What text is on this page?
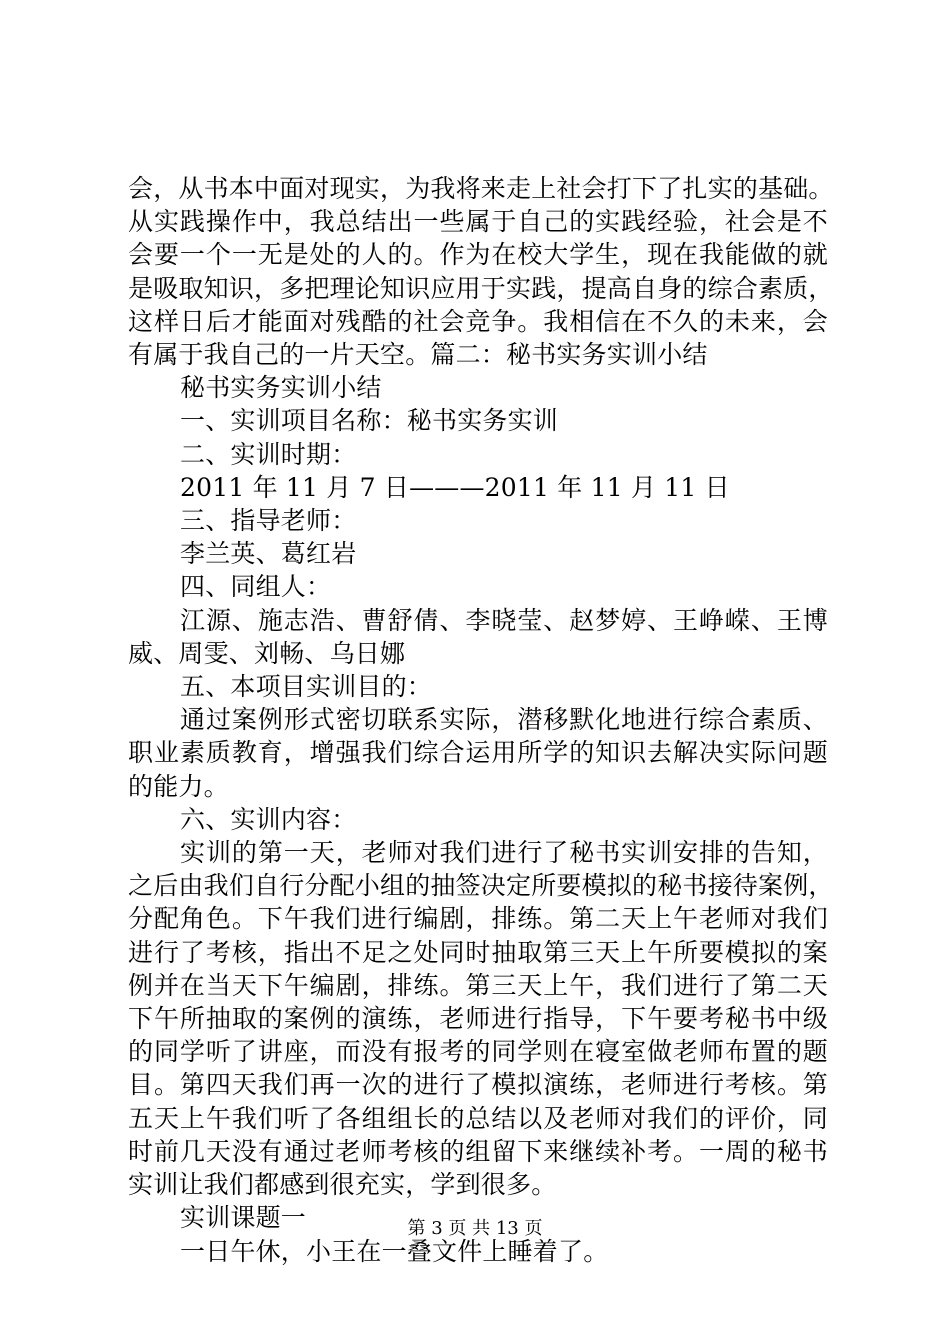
会，从书本中面对现实，为我将来走上社会打下了扎实的基础。

从实践操作中，我总结出一些属于自己的实践经验，社会是不

会要一个一无是处的人的。作为在校大学生，现在我能做的就

是吸取知识，多把理论知识应用于实践，提高自身的综合素质，

这样日后才能面对残酷的社会竞争。我相信在不久的未来，会

有属于我自己的一片天空。篇二：秘书实务实训小结

秘书实务实训小结

一、实训项目名称：秘书实务实训

二、实训时期：

2011 年 11 月 7 日———2011 年 11 月 11 日

三、指导老师：

李兰英、葛红岩

四、同组人：

江源、施志浩、曹舒倩、李晓莹、赵梦婷、王峥嵘、王博

威、周雯、刘畅、乌日娜

五、本项目实训目的：

通过案例形式密切联系实际，潜移默化地进行综合素质、

职业素质教育，增强我们综合运用所学的知识去解决实际问题

的能力。

六、实训内容：

实训的第一天，老师对我们进行了秘书实训安排的告知，

之后由我们自行分配小组的抽签决定所要模拟的秘书接待案例，

分配角色。下午我们进行编剧，排练。第二天上午老师对我们

进行了考核，指出不足之处同时抽取第三天上午所要模拟的案

例并在当天下午编剧，排练。第三天上午，我们进行了第二天

下午所抽取的案例的演练，老师进行指导，下午要考秘书中级

的同学听了讲座，而没有报考的同学则在寝室做老师布置的题

目。第四天我们再一次的进行了模拟演练，老师进行考核。第

五天上午我们听了各组组长的总结以及老师对我们的评价，同

时前几天没有通过老师考核的组留下来继续补考。一周的秘书

实训让我们都感到很充实，学到很多。

实训课题一

一日午休，小王在一叠文件上睡着了。

第 3 页 共 13 页
